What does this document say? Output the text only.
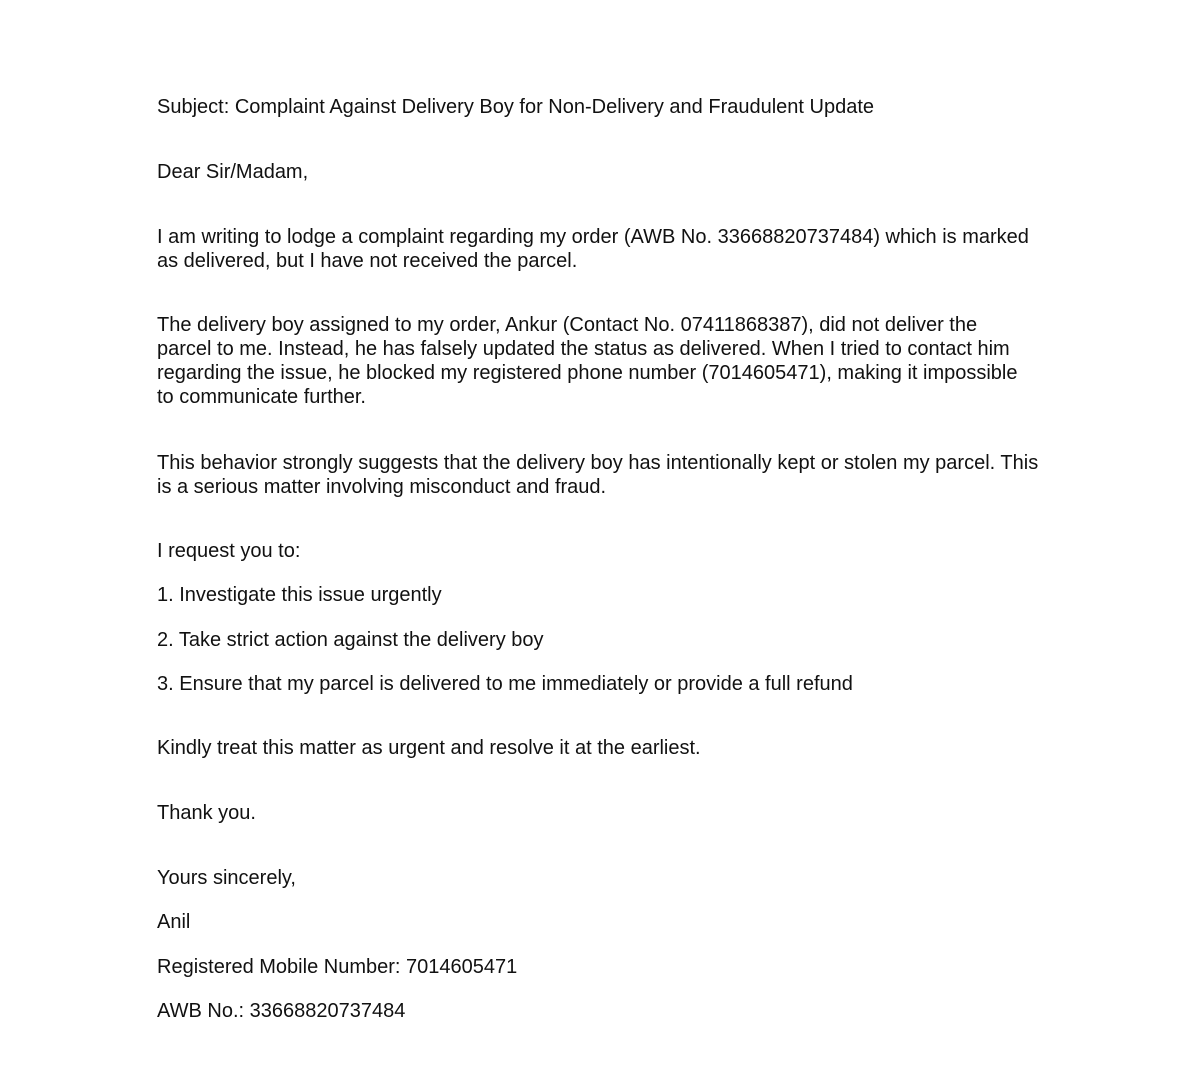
Subject: Complaint Against Delivery Boy for Non-Delivery and Fraudulent Update

Dear Sir/Madam,

I am writing to lodge a complaint regarding my order (AWB No. 33668820737484) which is marked
as delivered, but I have not received the parcel.

The delivery boy assigned to my order, Ankur (Contact No. 07411868387), did not deliver the
parcel to me. Instead, he has falsely updated the status as delivered. When I tried to contact him
regarding the issue, he blocked my registered phone number (7014605471), making it impossible
to communicate further.

This behavior strongly suggests that the delivery boy has intentionally kept or stolen my parcel. This
is a serious matter involving misconduct and fraud.

I request you to:

1. Investigate this issue urgently

2. Take strict action against the delivery boy

3. Ensure that my parcel is delivered to me immediately or provide a full refund

Kindly treat this matter as urgent and resolve it at the earliest.

Thank you.

Yours sincerely,

Anil

Registered Mobile Number: 7014605471

AWB No.: 33668820737484
